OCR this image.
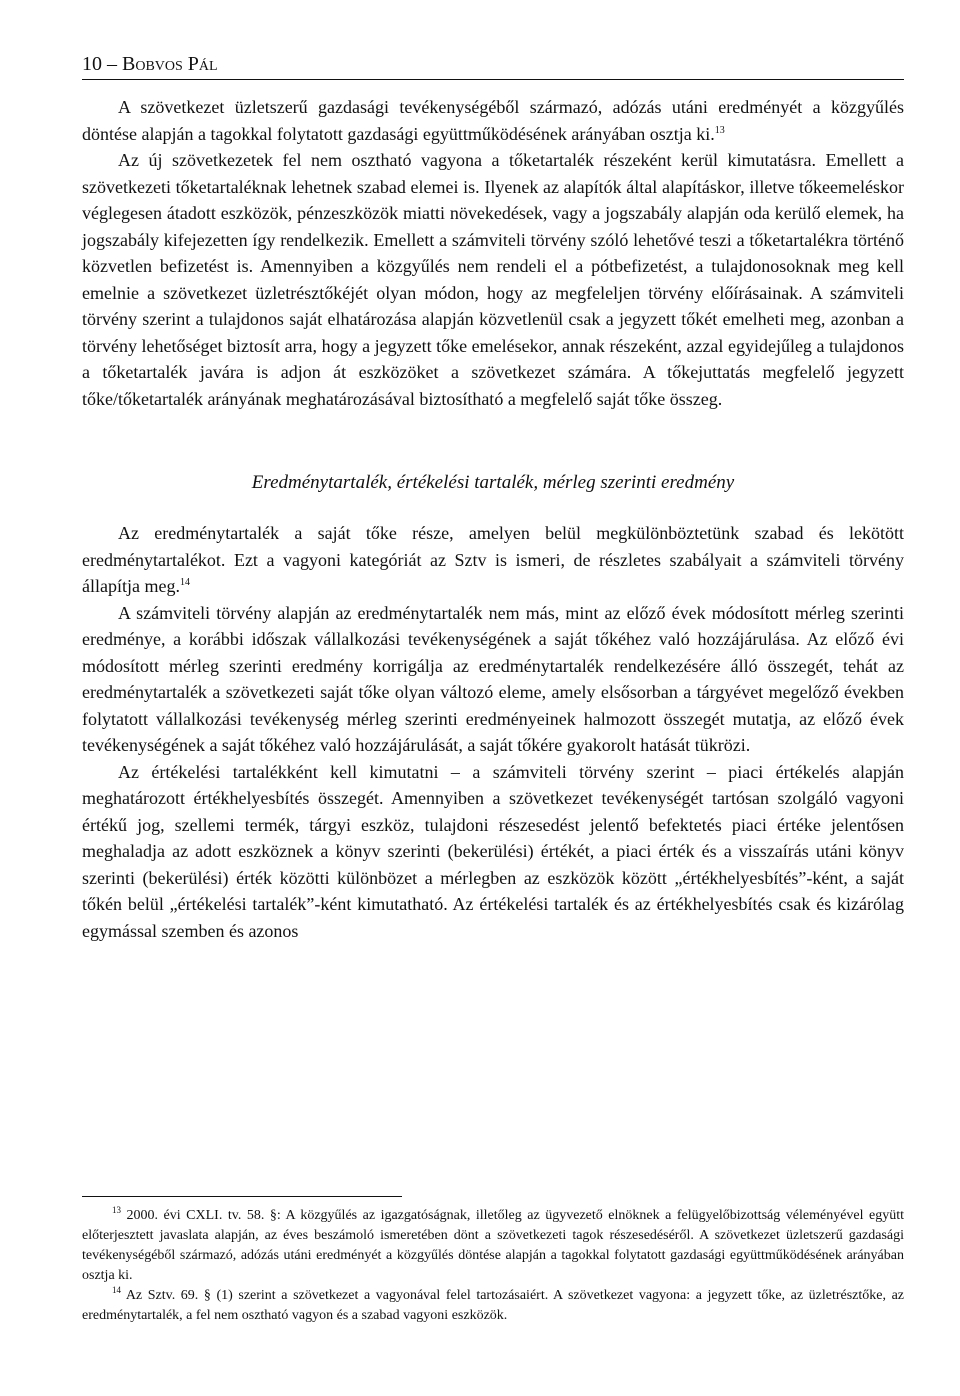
10 – Bobvos Pál

A szövetkezet üzletszerű gazdasági tevékenységéből származó, adózás utáni eredményét a közgyűlés döntése alapján a tagokkal folytatott gazdasági együttműködésének arányában osztja ki.$^{13}$

Az új szövetkezetek fel nem osztható vagyona a tőketartalék részeként kerül kimutatásra. Emellett a szövetkezeti tőketartaléknak lehetnek szabad elemei is. Ilyenek az alapítók által alapításkor, illetve tőkeemeléskor véglegesen átadott eszközök, pénzeszközök miatti növekedések, vagy a jogszabály alapján oda kerülő elemek, ha jogszabály kifejezetten így rendelkezik. Emellett a számviteli törvény szóló lehetővé teszi a tőketartalékra történő közvetlen befizetést is. Amennyiben a közgyűlés nem rendeli el a pótbefizetést, a tulajdonosoknak meg kell emelnie a szövetkezet üzletrésztőkéjét olyan módon, hogy az megfeleljen törvény előírásainak. A számviteli törvény szerint a tulajdonos saját elhatározása alapján közvetlenül csak a jegyzett tőkét emelheti meg, azonban a törvény lehetőséget biztosít arra, hogy a jegyzett tőke emelésekor, annak részeként, azzal egyidejűleg a tulajdonos a tőketartalék javára is adjon át eszközöket a szövetkezet számára. A tőkejuttatás megfelelő jegyzett tőke/tőketartalék arányának meghatározásával biztosítható a megfelelő saját tőke összeg.

Eredménytartalék, értékelési tartalék, mérleg szerinti eredmény

Az eredménytartalék a saját tőke része, amelyen belül megkülönböztetünk szabad és lekötött eredménytartalékot. Ezt a vagyoni kategóriát az Sztv is ismeri, de részletes szabályait a számviteli törvény állapítja meg.$^{14}$

A számviteli törvény alapján az eredménytartalék nem más, mint az előző évek módosított mérleg szerinti eredménye, a korábbi időszak vállalkozási tevékenységének a saját tőkéhez való hozzájárulása. Az előző évi módosított mérleg szerinti eredmény korrigálja az eredménytartalék rendelkezésére álló összegét, tehát az eredménytartalék a szövetkezeti saját tőke olyan változó eleme, amely elsősorban a tárgyévet megelőző években folytatott vállalkozási tevékenység mérleg szerinti eredményeinek halmozott összegét mutatja, az előző évek tevékenységének a saját tőkéhez való hozzájárulását, a saját tőkére gyakorolt hatását tükrözi.

Az értékelési tartalékként kell kimutatni – a számviteli törvény szerint – piaci értékelés alapján meghatározott értékhelyesbítés összegét. Amennyiben a szövetkezet tevékenységét tartósan szolgáló vagyoni értékű jog, szellemi termék, tárgyi eszköz, tulajdoni részesedést jelentő befektetés piaci értéke jelentősen meghaladja az adott eszköznek a könyv szerinti (bekerülési) értékét, a piaci érték és a visszaírás utáni könyv szerinti (bekerülési) érték közötti különbözet a mérlegben az eszközök között „értékhelyesbítés”-ként, a saját tőkén belül „értékelési tartalék”-ként kimutatható. Az értékelési tartalék és az értékhelyesbítés csak és kizárólag egymással szemben és azonos

$^{13}$ 2000. évi CXLI. tv. 58. §: A közgyűlés az igazgatóságnak, illetőleg az ügyvezető elnöknek a felügyelőbizottság véleményével együtt előterjesztett javaslata alapján, az éves beszámoló ismeretében dönt a szövetkezeti tagok részesedéséről. A szövetkezet üzletszerű gazdasági tevékenységéből származó, adózás utáni eredményét a közgyűlés döntése alapján a tagokkal folytatott gazdasági együttműködésének arányában osztja ki.

$^{14}$ Az Sztv. 69. § (1) szerint a szövetkezet a vagyonával felel tartozásaiért. A szövetkezet vagyona: a jegyzett tőke, az üzletrésztőke, az eredménytartalék, a fel nem osztható vagyon és a szabad vagyoni eszközök.
